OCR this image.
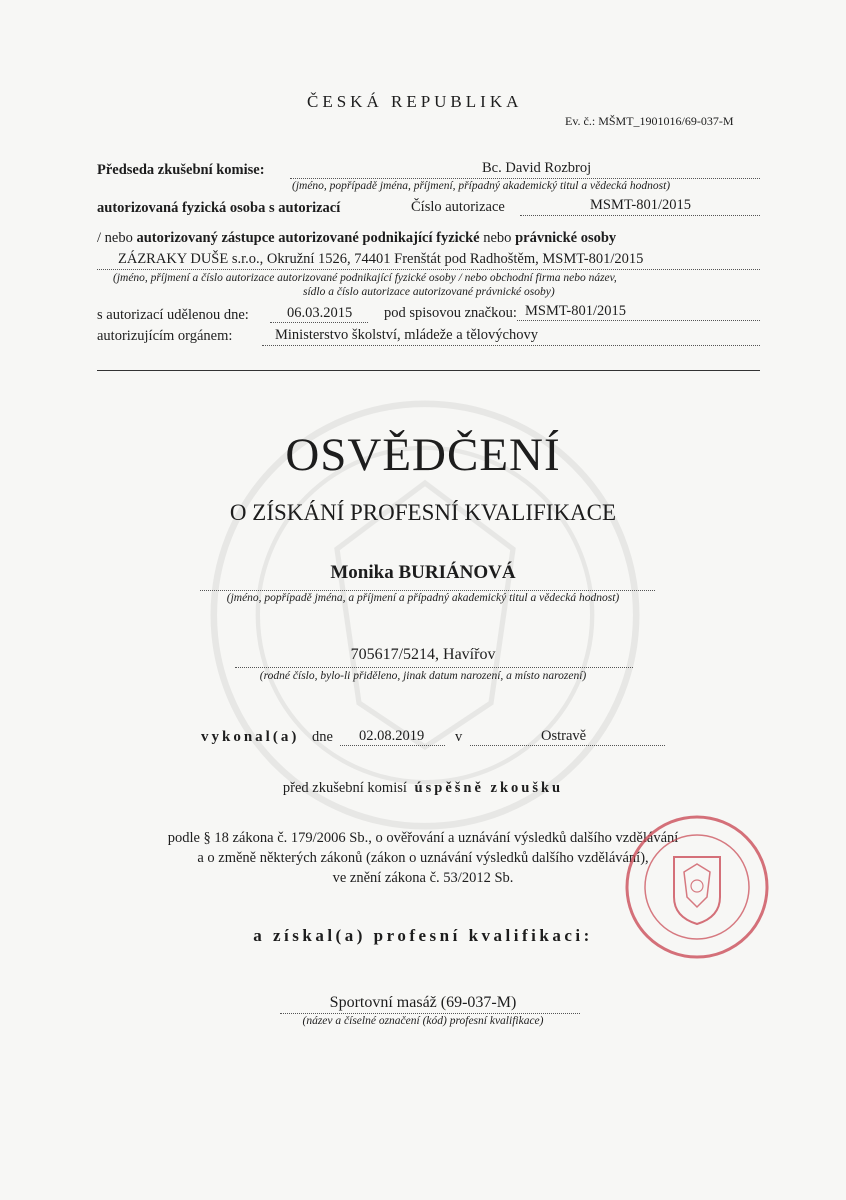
ČESKÁ REPUBLIKA
Ev. č.: MŠMT_1901016/69-037-M
Předseda zkušební komise:	Bc. David Rozbroj
(jméno, popřípadě jména, příjmení, případný akademický titul a vědecká hodnost)
autorizovaná fyzická osoba s autorizací	Číslo autorizace	MSMT-801/2015
/ nebo autorizovaný zástupce autorizované podnikající fyzické nebo právnické osoby
ZÁZRAKY DUŠE s.r.o., Okružní 1526, 74401 Frenštát pod Radhoštěm, MSMT-801/2015
(jméno, příjmení a číslo autorizace autorizované podnikající fyzické osoby / nebo obchodní firma nebo název,
sídlo a číslo autorizace autorizované právnické osoby)
s autorizací udělenou dne:	06.03.2015 pod spisovou značkou: MSMT-801/2015
autorizujícím orgánem:	Ministerstvo školství, mládeže a tělovýchovy
OSVĚDČENÍ
O ZÍSKÁNÍ PROFESNÍ KVALIFIKACE
Monika BURIÁNOVÁ
(jméno, popřípadě jména, a příjmení a případný akademický titul a vědecká hodnost)
705617/5214, Havířov
(rodné číslo, bylo-li přiděleno, jinak datum narození, a místo narození)
vykonal(a) dne 02.08.2019 v	Ostravě
před zkušební komisí úspěšně zkoušku
podle § 18 zákona č. 179/2006 Sb., o ověřování a uznávání výsledků dalšího vzdělávání
a o změně některých zákonů (zákon o uznávání výsledků dalšího vzdělávání),
ve znění zákona č. 53/2012 Sb.
a získal(a) profesní kvalifikaci:
Sportovní masáž (69-037-M)
(název a číselné označení (kód) profesní kvalifikace)
